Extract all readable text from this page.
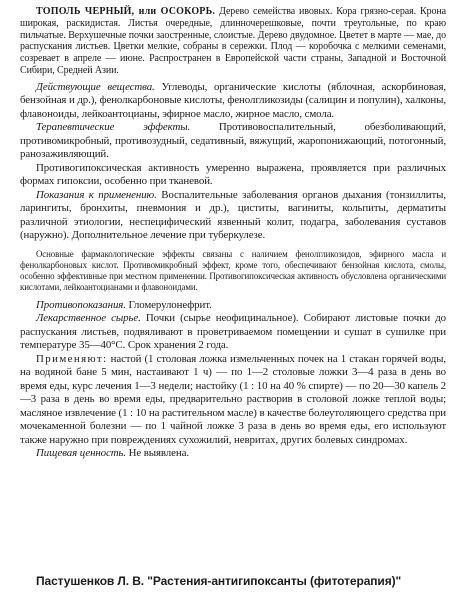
ТОПОЛЬ ЧЕРНЫЙ, или ОСОКОРЬ. Дерево семейства ивовых. Кора грязно-серая. Крона широкая, раскидистая. Листья очередные, длинночерешковые, почти треугольные, по краю пильчатые. Верхушечные почки заостренные, слоистые. Дерево двудомное. Цветет в марте — мае, до распускания листьев. Цветки мелкие, собраны в сережки. Плод — коробочка с мелкими семенами, созревает в апреле — июне. Распространен в Европейской части страны, Западной и Восточной Сибири, Средней Азии.

Действующие вещества. Углеводы, органические кислоты (яблочная, аскорбиновая, бензойная и др.), фенолкарбоновые кислоты, фенолгликозиды (салицин и популин), халконы, флавоноиды, лейкоантоцианы, эфирное масло, жирное масло, смола.

Терапевтические эффекты. Противовоспалительный, обезболивающий, противомикробный, противозудный, седативный, вяжущий, жаропонижающий, потогонный, ранозаживляющий.

Противогипоксическая активность умеренно выражена, проявляется при различных формах гипоксии, особенно при тканевой.

Показания к применению. Воспалительные заболевания органов дыхания (тонзиллиты, ларингиты, бронхиты, пневмония и др.), циститы, вагиниты, кольпиты, дерматиты различной этиологии, неспецифический язвенный колит, подагра, заболевания суставов (наружно). Дополнительное лечение при туберкулезе.

Основные фармакологические эффекты связаны с наличием фенолгликозидов, эфирного масла и фенолкарбоновых кислот. Противомикробный эффект, кроме того, обеспечивают бензойная кислота, смолы, особенно эффективные при местном применении. Противогипоксическая активность обусловлена органическими кислотами, лейкоантоцианами и флавоноидами.

Противопоказания. Гломерулонефрит.

Лекарственное сырье. Почки (сырье неофицинальное). Собирают листовые почки до распускания листьев, подвяливают в проветриваемом помещении и сушат в сушилке при температуре 35—40°С. Срок хранения 2 года.

Применяют: настой (1 столовая ложка измельченных почек на 1 стакан горячей воды, на водяной бане 5 мин, настаивают 1 ч) — по 1—2 столовые ложки 3—4 раза в день во время еды, курс лечения 1—3 недели; настойку (1 : 10 на 40 % спирте) — по 20—30 капель 2—3 раза в день во время еды, предварительно растворив в столовой ложке теплой воды; масляное извлечение (1 : 10 на растительном масле) в качестве болеутоляющего средства при мочекаменной болезни — по 1 чайной ложке 3 раза в день во время еды, его используют также наружно при повреждениях сухожилий, невритах, других болевых синдромах.

Пищевая ценность. Не выявлена.

Пастушенков Л. В. "Растения-антигипоксанты (фитотерапия)"
